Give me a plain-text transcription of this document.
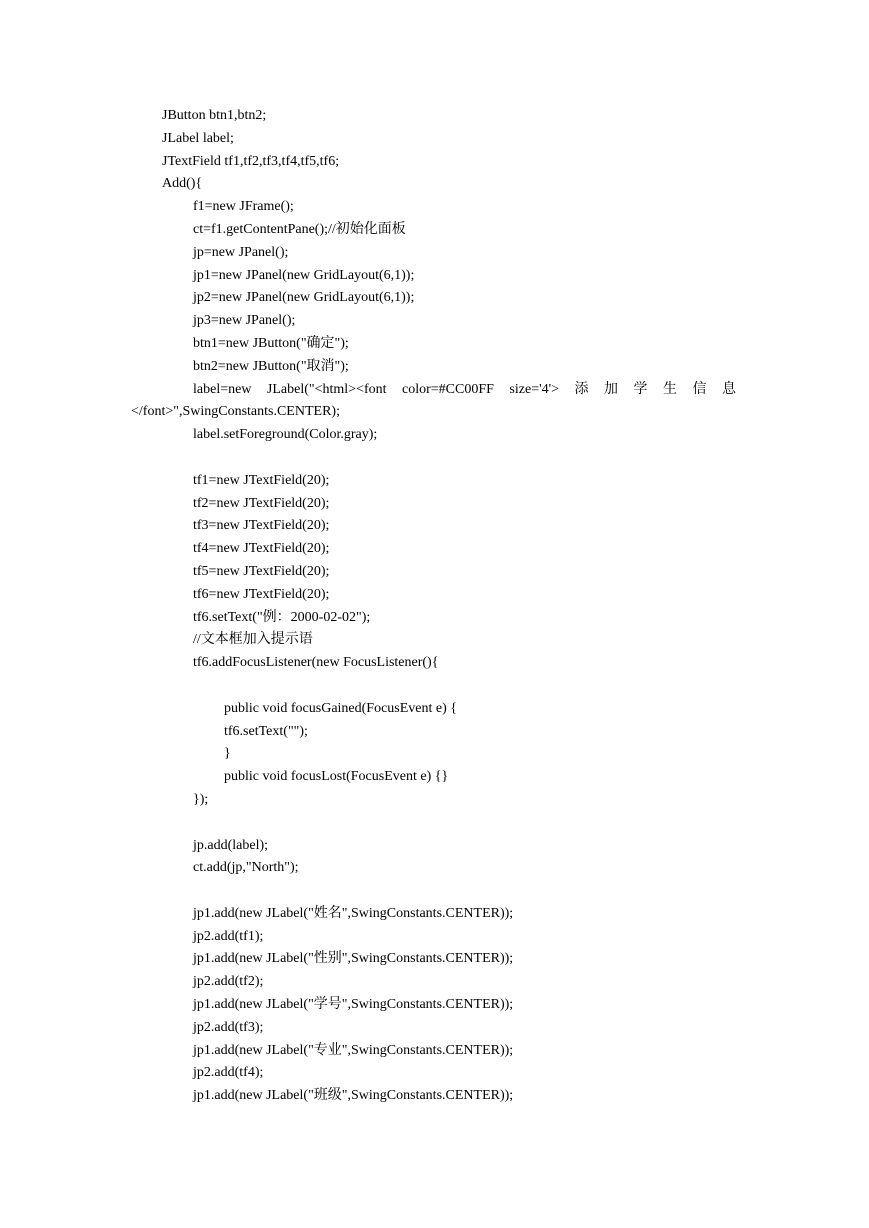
JButton btn1,btn2;
JLabel label;
JTextField tf1,tf2,tf3,tf4,tf5,tf6;
Add(){
f1=new JFrame();
ct=f1.getContentPane();//初始化面板
jp=new JPanel();
jp1=new JPanel(new GridLayout(6,1));
jp2=new JPanel(new GridLayout(6,1));
jp3=new JPanel();
btn1=new JButton("确定");
btn2=new JButton("取消");
label=new JLabel("<html><font color=#CC00FF size='4'> 添 加 学 生 信 息
</font>",SwingConstants.CENTER);
label.setForeground(Color.gray);
tf1=new JTextField(20);
tf2=new JTextField(20);
tf3=new JTextField(20);
tf4=new JTextField(20);
tf5=new JTextField(20);
tf6=new JTextField(20);
tf6.setText("例：2000-02-02");
//文本框加入提示语
tf6.addFocusListener(new FocusListener(){
public void focusGained(FocusEvent e) {
tf6.setText("");
}
public void focusLost(FocusEvent e) {}
});
jp.add(label);
ct.add(jp,"North");
jp1.add(new JLabel("姓名",SwingConstants.CENTER));
jp2.add(tf1);
jp1.add(new JLabel("性别",SwingConstants.CENTER));
jp2.add(tf2);
jp1.add(new JLabel("学号",SwingConstants.CENTER));
jp2.add(tf3);
jp1.add(new JLabel("专业",SwingConstants.CENTER));
jp2.add(tf4);
jp1.add(new JLabel("班级",SwingConstants.CENTER));
